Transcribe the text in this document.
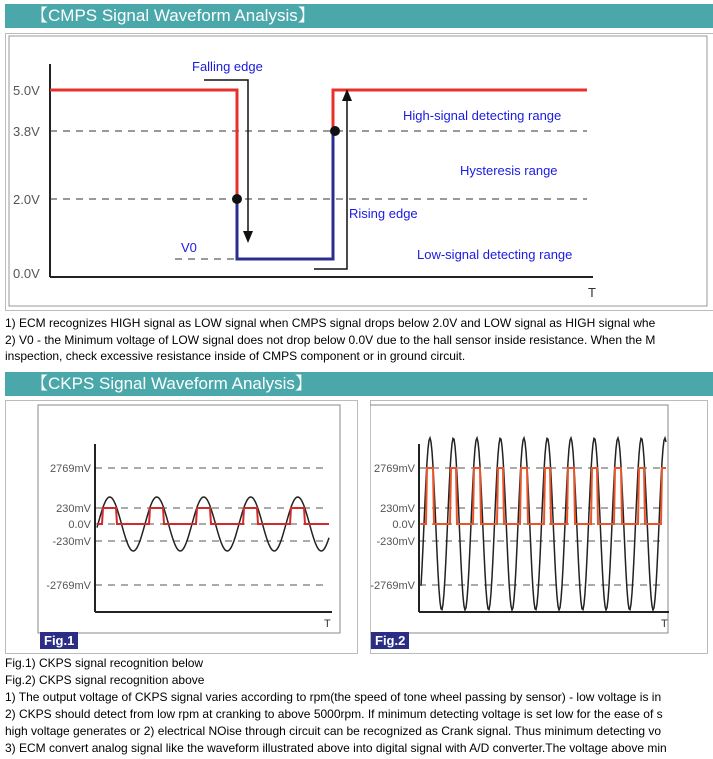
【CMPS Signal Waveform Analysis】
5.0V
3.8V
2.0V
0.0V
T
Falling edge
High-signal detecting range
Hysteresis range
Rising edge
V0	Low-signal detecting range
1) ECM recognizes HIGH signal as LOW signal when CMPS signal drops below 2.0V and LOW signal as HIGH signal whe
2) V0 - the Minimum voltage of LOW signal does not drop below 0.0V due to the hall sensor inside resistance. When the M
inspection, check excessive resistance inside of CMPS component or in ground circuit.
【CKPS Signal Waveform Analysis】
2769mV
230mV
0.0V
-230mV
-2769mV
T
Fig.1
2769mV
230mV
0.0V
-230mV
-2769mV
T
Fig.2
Fig.1) CKPS signal recognition below
Fig.2) CKPS signal recognition above
1) The output voltage of CKPS signal varies according to rpm(the speed of tone wheel passing by sensor) - low voltage is in
2) CKPS should detect from low rpm at cranking to above 5000rpm. If minimum detecting voltage is set low for the ease of s
high voltage generates or 2) electrical NOise through circuit can be recognized as Crank signal. Thus minimum detecting vo
3) ECM convert analog signal like the waveform illustrated above into digital signal with A/D converter.The voltage above min
